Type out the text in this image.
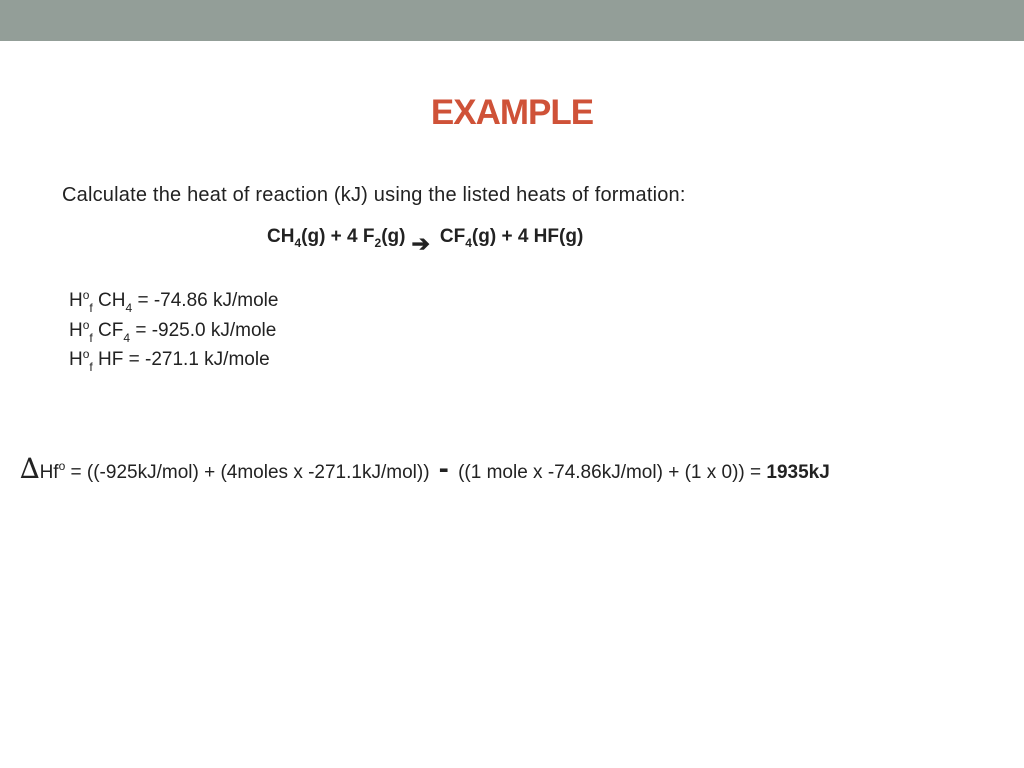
EXAMPLE
Calculate the heat of reaction (kJ) using the listed heats of formation:
$CH_4(g) + 4$ $F_2(g)$ ➔ $CF_4(g) + 4$ HF(g)
$H^o_f$ $CH_4 = -74.86$ kJ/mole
$H^o_f$ $CF_4 = -925.0$ kJ/mole
$H^o_f$ HF = -271.1 kJ/mole
$\Delta Hf^o = ((-925kJ/mol)$ + (4moles x -271.1kJ/mol)) - ((1 mole x -74.86kJ/mol) + (1 x 0)) = 1935kJ
